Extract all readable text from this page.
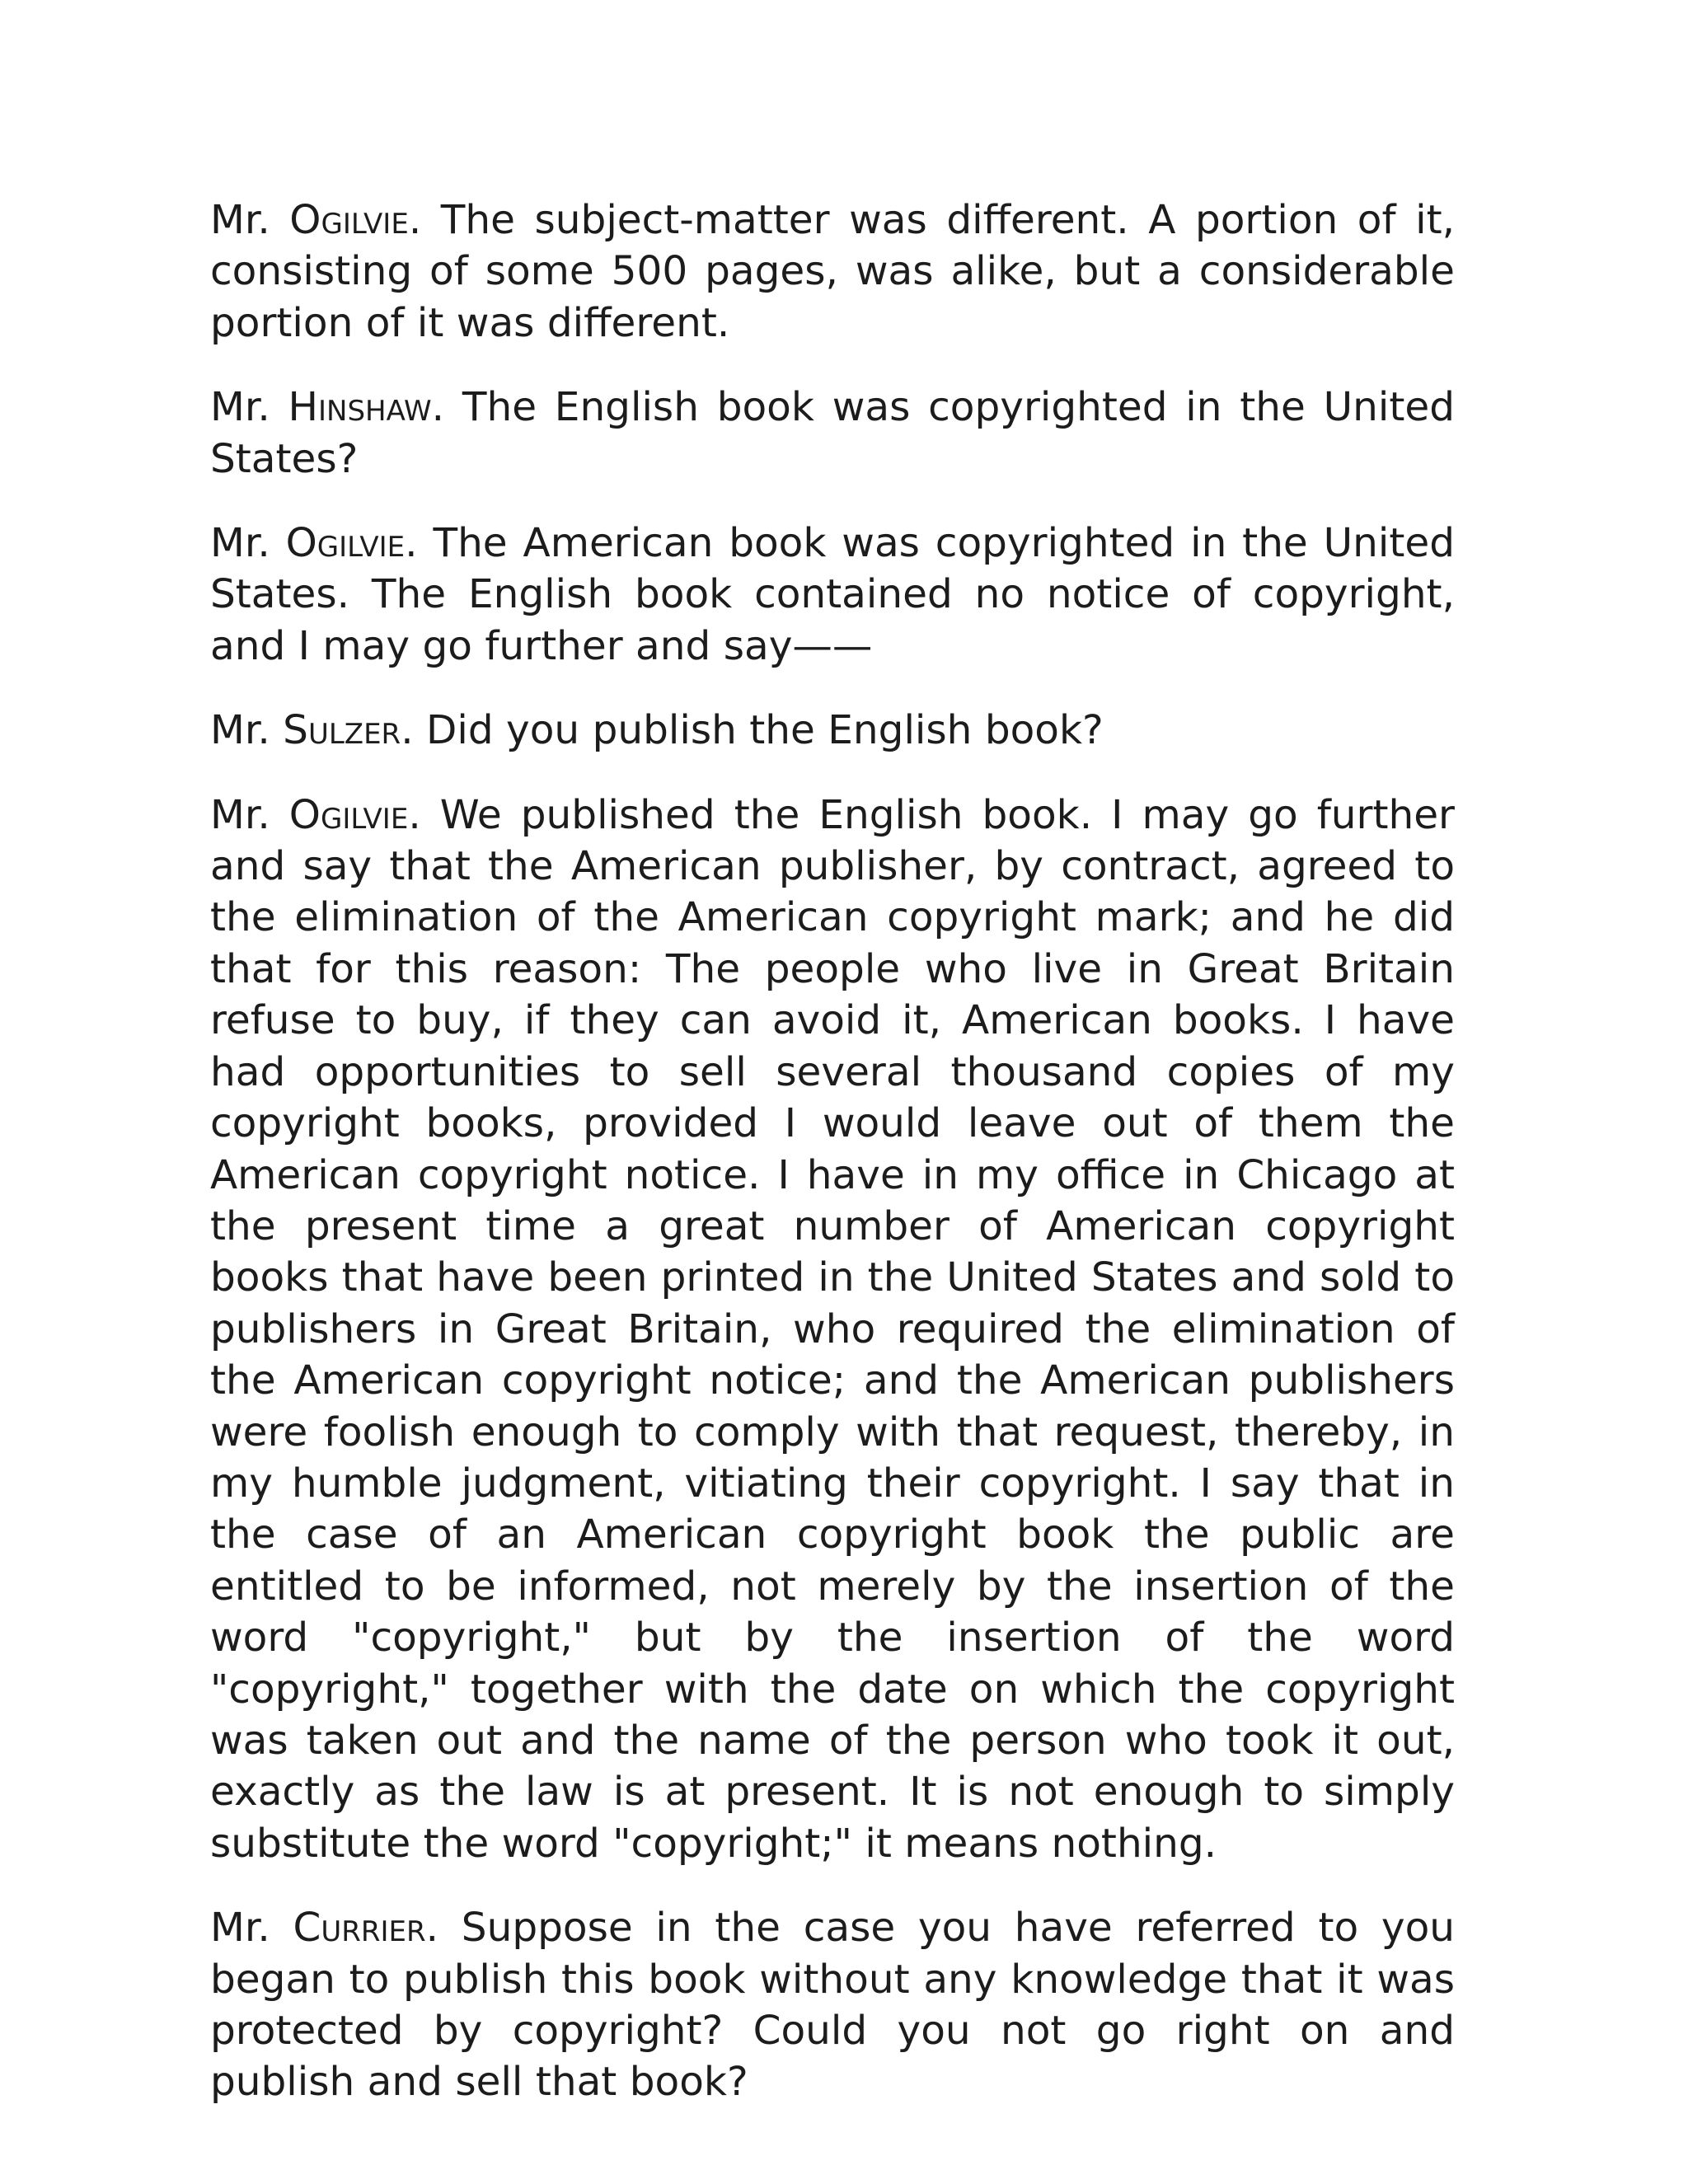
Mr. Ogilvie. The subject-matter was different. A portion of it, consisting of some 500 pages, was alike, but a considerable portion of it was different.

Mr. Hinshaw. The English book was copyrighted in the United States?

Mr. Ogilvie. The American book was copyrighted in the United States. The English book contained no notice of copyright, and I may go further and say——

Mr. Sulzer. Did you publish the English book?

Mr. Ogilvie. We published the English book. I may go further and say that the American publisher, by contract, agreed to the elimination of the American copyright mark; and he did that for this reason: The people who live in Great Britain refuse to buy, if they can avoid it, American books. I have had opportunities to sell several thousand copies of my copyright books, provided I would leave out of them the American copyright notice. I have in my office in Chicago at the present time a great number of American copyright books that have been printed in the United States and sold to publishers in Great Britain, who required the elimination of the American copyright notice; and the American publishers were foolish enough to comply with that request, thereby, in my humble judgment, vitiating their copyright. I say that in the case of an American copyright book the public are entitled to be informed, not merely by the insertion of the word "copyright," but by the insertion of the word "copyright," together with the date on which the copyright was taken out and the name of the person who took it out, exactly as the law is at present. It is not enough to simply substitute the word "copyright;" it means nothing.

Mr. Currier. Suppose in the case you have referred to you began to publish this book without any knowledge that it was protected by copyright? Could you not go right on and publish and sell that book?
